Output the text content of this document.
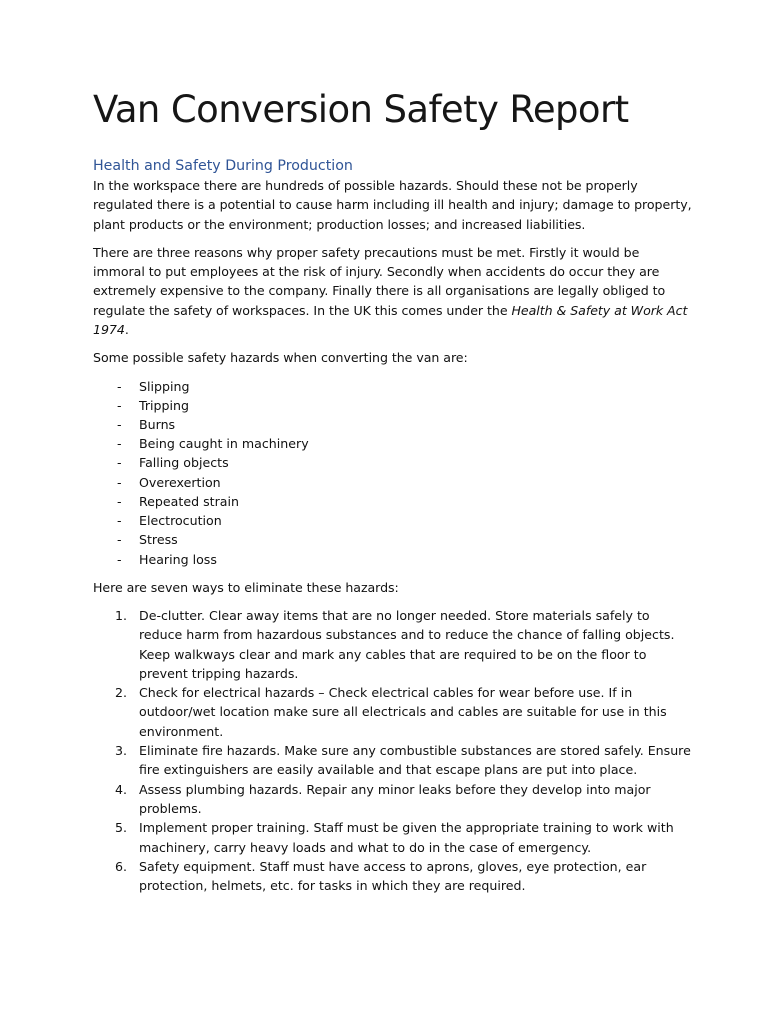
Van Conversion Safety Report
Health and Safety During Production

In the workspace there are hundreds of possible hazards. Should these not be properly regulated there is a potential to cause harm including ill health and injury; damage to property, plant products or the environment; production losses; and increased liabilities.

There are three reasons why proper safety precautions must be met. Firstly it would be immoral to put employees at the risk of injury. Secondly when accidents do occur they are extremely expensive to the company. Finally there is all organisations are legally obliged to regulate the safety of workspaces. In the UK this comes under the Health & Safety at Work Act 1974.

Some possible safety hazards when converting the van are:

- Slipping
- Tripping
- Burns
- Being caught in machinery
- Falling objects
- Overexertion
- Repeated strain
- Electrocution
- Stress
- Hearing loss

Here are seven ways to eliminate these hazards:

1. De-clutter. Clear away items that are no longer needed. Store materials safely to reduce harm from hazardous substances and to reduce the chance of falling objects. Keep walkways clear and mark any cables that are required to be on the floor to prevent tripping hazards.
2. Check for electrical hazards – Check electrical cables for wear before use. If in outdoor/wet location make sure all electricals and cables are suitable for use in this environment.
3. Eliminate fire hazards. Make sure any combustible substances are stored safely. Ensure fire extinguishers are easily available and that escape plans are put into place.
4. Assess plumbing hazards. Repair any minor leaks before they develop into major problems.
5. Implement proper training. Staff must be given the appropriate training to work with machinery, carry heavy loads and what to do in the case of emergency.
6. Safety equipment. Staff must have access to aprons, gloves, eye protection, ear protection, helmets, etc. for tasks in which they are required.
